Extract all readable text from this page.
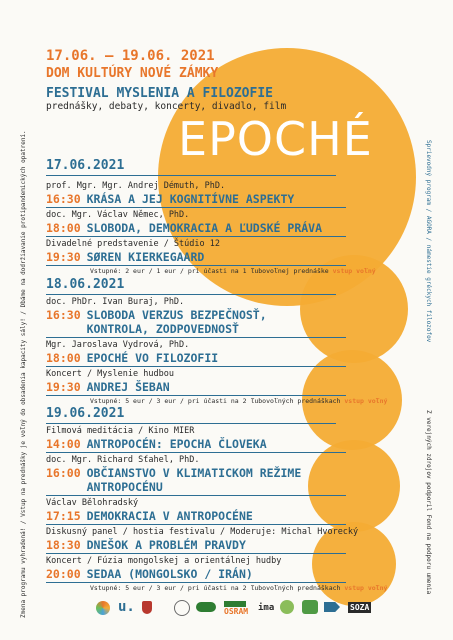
Zmena programu vyhradená! / Vstup na prednášky je voľný do obsadenia kapacity sály! / Dbáme na dodržiavanie protipandemických opatrení.	Sprievodný program / AGORA / námestie gréckych filozofov
Z verejných zdrojov podporil Fond na podporu umenia
17.06. – 19.06. 2021
DOM KULTÚRY NOVÉ ZÁMKY
FESTIVAL MYSLENIA A FILOZOFIE
prednášky, debaty, koncerty, divadlo, film
EPOCHÉ
17.06.2021
prof. Mgr. Mgr. Andrej Démuth, PhD.
16:30 KRÁSA A JEJ KOGNITÍVNE ASPEKTY
doc. Mgr. Václav Němec, PhD.
18:00 SLOBODA, DEMOKRACIA A ĽUDSKÉ PRÁVA
Divadelné predstavenie / Štúdio 12
19:30 SØREN KIERKEGAARD
Vstupné: 2 eur / 1 eur / pri účasti na 1 ľubovoľnej prednáške vstup voľný
18.06.2021
doc. PhDr. Ivan Buraj, PhD.
16:30 SLOBODA VERZUS BEZPEČNOSŤ,
KONTROLA, ZODPOVEDNOSŤ
Mgr. Jaroslava Vydrová, PhD.
18:00 EPOCHÉ VO FILOZOFII
Koncert / Myslenie hudbou
19:30 ANDREJ ŠEBAN
Vstupné: 5 eur / 3 eur / pri účasti na 2 ľubovoľných prednáškach vstup voľný
19.06.2021
Filmová meditácia / Kino MIER
14:00 ANTROPOCÉN: EPOCHA ČLOVEKA
doc. Mgr. Richard Sťahel, PhD.
16:00 OBČIANSTVO V KLIMATICKOM REŽIME
ANTROPOCÉNU
Václav Bělohradský
17:15 DEMOKRACIA V ANTROPOCÉNE
Diskusný panel / hostia festivalu / Moderuje: Michal Hvorecký
18:30 DNEŠOK A PROBLÉM PRAVDY
Koncert / Fúzia mongolskej a orientálnej hudby
20:00 SEDAA (MONGOLSKO / IRÁN)
Vstupné: 5 eur / 3 eur / pri účasti na 2 ľubovoľných prednáškach vstup voľný
u.	OSRAM ima	SOZA
